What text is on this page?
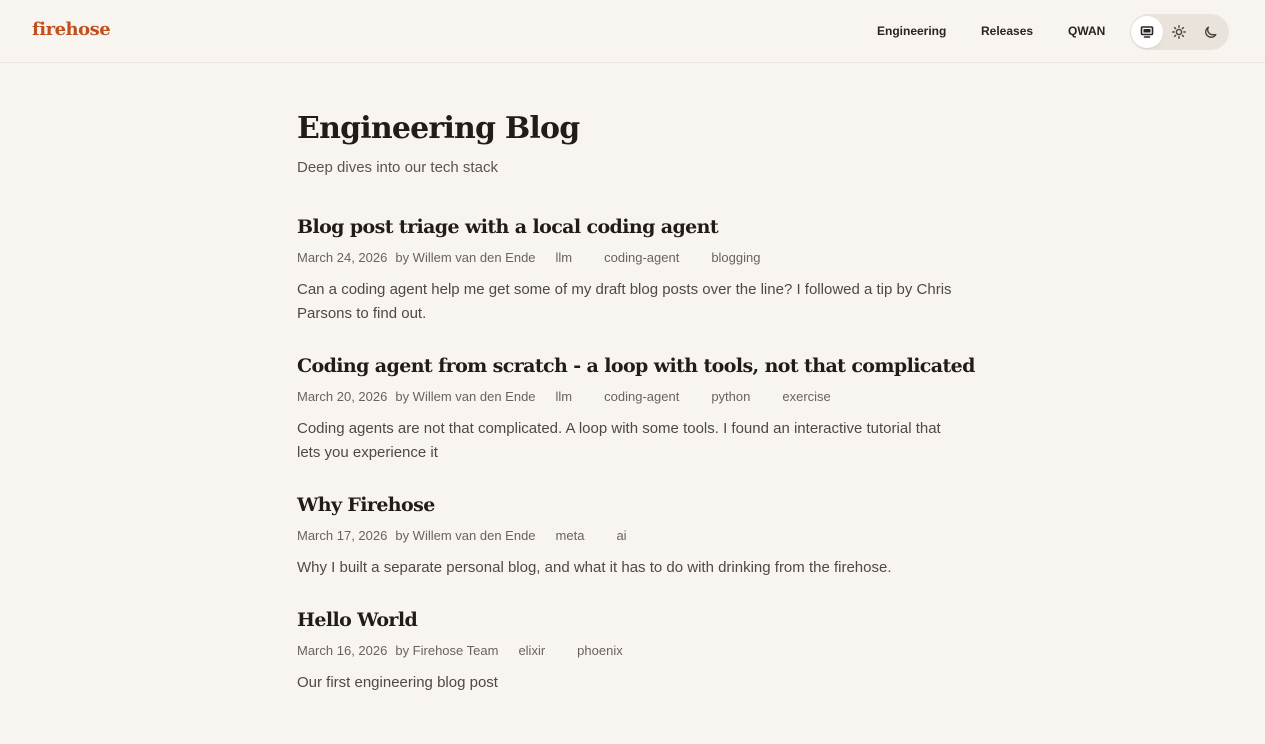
firehose	Engineering	Releases	QWAN
Engineering Blog
Deep dives into our tech stack
Blog post triage with a local coding agent
March 24, 2026 by Willem van den Ende llm coding-agent blogging

Can a coding agent help me get some of my draft blog posts over the line? I followed a tip by Chris Parsons to find out.

Coding agent from scratch - a loop with tools, not that complicated
March 20, 2026 by Willem van den Ende llm coding-agent python exercise

Coding agents are not that complicated. A loop with some tools. I found an interactive tutorial that lets you experience it

Why Firehose
March 17, 2026 by Willem van den Ende meta ai

Why I built a separate personal blog, and what it has to do with drinking from the firehose.

Hello World
March 16, 2026 by Firehose Team elixir phoenix

Our first engineering blog post
